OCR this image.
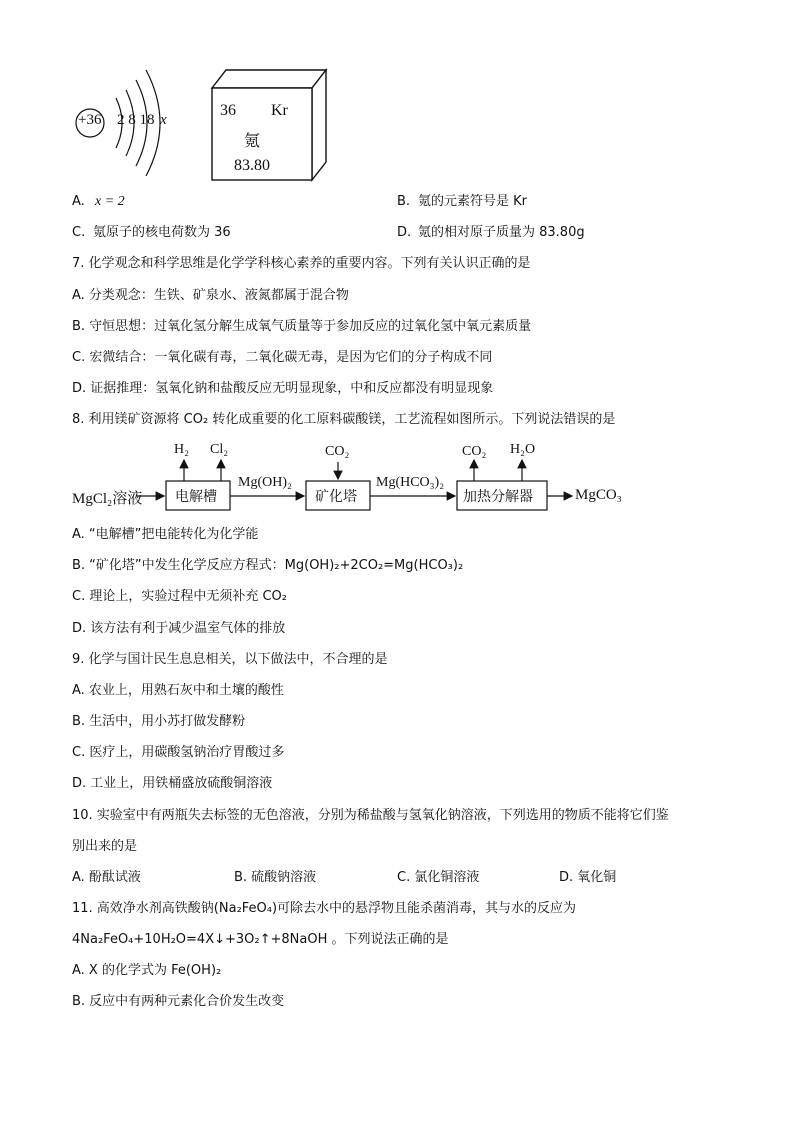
+36 2 8 18 x
36 Kr
氪
83.80
A. x = 2	B. 氪的元素符号是 Kr
C. 氪原子的核电荷数为 36	D. 氪的相对原子质量为 83.80g
7. 化学观念和科学思维是化学学科核心素养的重要内容。下列有关认识正确的是
A. 分类观念：生铁、矿泉水、液氮都属于混合物
B. 守恒思想：过氧化氢分解生成氧气质量等于参加反应的过氧化氢中氧元素质量
C. 宏微结合：一氧化碳有毒，二氧化碳无毒，是因为它们的分子构成不同
D. 证据推理：氢氧化钠和盐酸反应无明显现象，中和反应都没有明显现象
8. 利用镁矿资源将 CO₂ 转化成重要的化工原料碳酸镁，工艺流程如图所示。下列说法错误的是
MgCl₂溶液 电解槽
H₂ Cl₂
Mg(OH)₂
CO₂
矿化塔
Mg(HCO₃)₂
CO₂ H₂O
加热分解器	MgCO₃
A. “电解槽”把电能转化为化学能
B. “矿化塔”中发生化学反应方程式：Mg(OH)₂+2CO₂=Mg(HCO₃)₂
C. 理论上，实验过程中无须补充 CO₂
D. 该方法有利于减少温室气体的排放
9. 化学与国计民生息息相关，以下做法中，不合理的是
A. 农业上，用熟石灰中和土壤的酸性
B. 生活中，用小苏打做发酵粉
C. 医疗上，用碳酸氢钠治疗胃酸过多
D. 工业上，用铁桶盛放硫酸铜溶液
10. 实验室中有两瓶失去标签的无色溶液，分别为稀盐酸与氢氧化钠溶液，下列选用的物质不能将它们鉴
别出来的是
A. 酚酞试液	B. 硫酸钠溶液	C. 氯化铜溶液	D. 氧化铜
11. 高效净水剂高铁酸钠(Na₂FeO₄)可除去水中的悬浮物且能杀菌消毒，其与水的反应为
4Na₂FeO₄+10H₂O=4X↓+3O₂↑+8NaOH 。下列说法正确的是
A. X 的化学式为 Fe(OH)₂
B. 反应中有两种元素化合价发生改变
